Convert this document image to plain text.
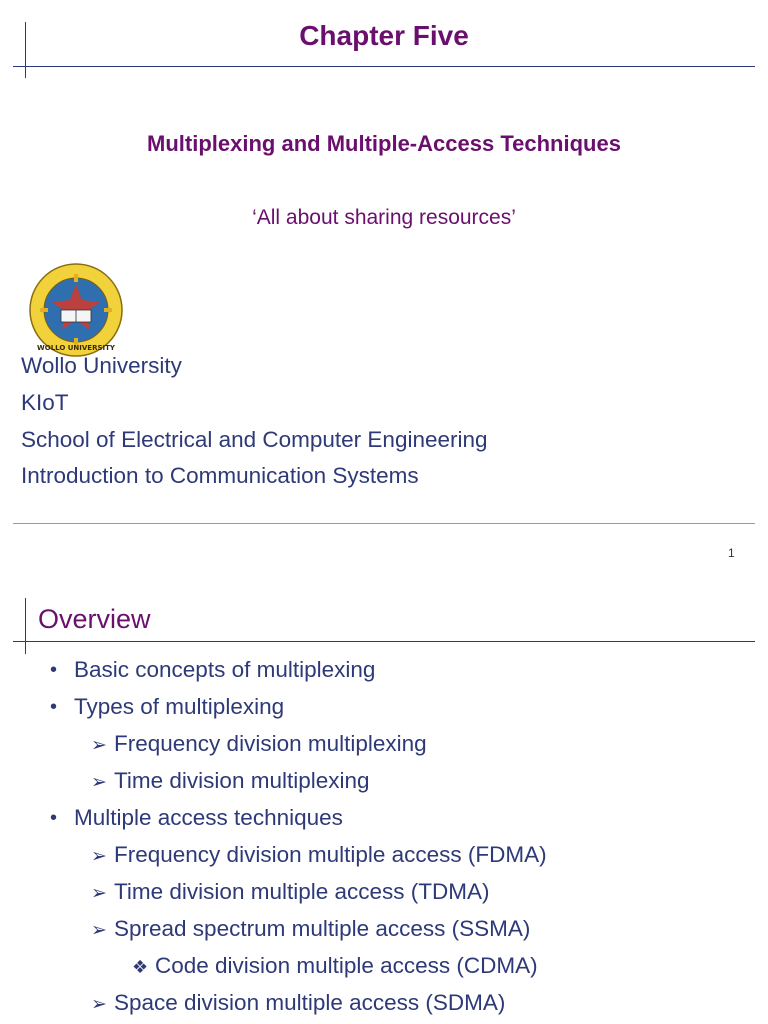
Chapter Five
Multiplexing and Multiple-Access Techniques
‘All about sharing resources’
WOLLO UNIVERSITY
Wollo University
KIoT
School of Electrical and Computer Engineering
Introduction to Communication Systems
1
Overview
• Basic concepts of multiplexing
• Types of multiplexing
➢ Frequency division multiplexing
➢ Time division multiplexing
• Multiple access techniques
➢ Frequency division multiple access (FDMA)
➢ Time division multiple access (TDMA)
➢ Spread spectrum multiple access (SSMA)
❖ Code division multiple access (CDMA)
➢ Space division multiple access (SDMA)
